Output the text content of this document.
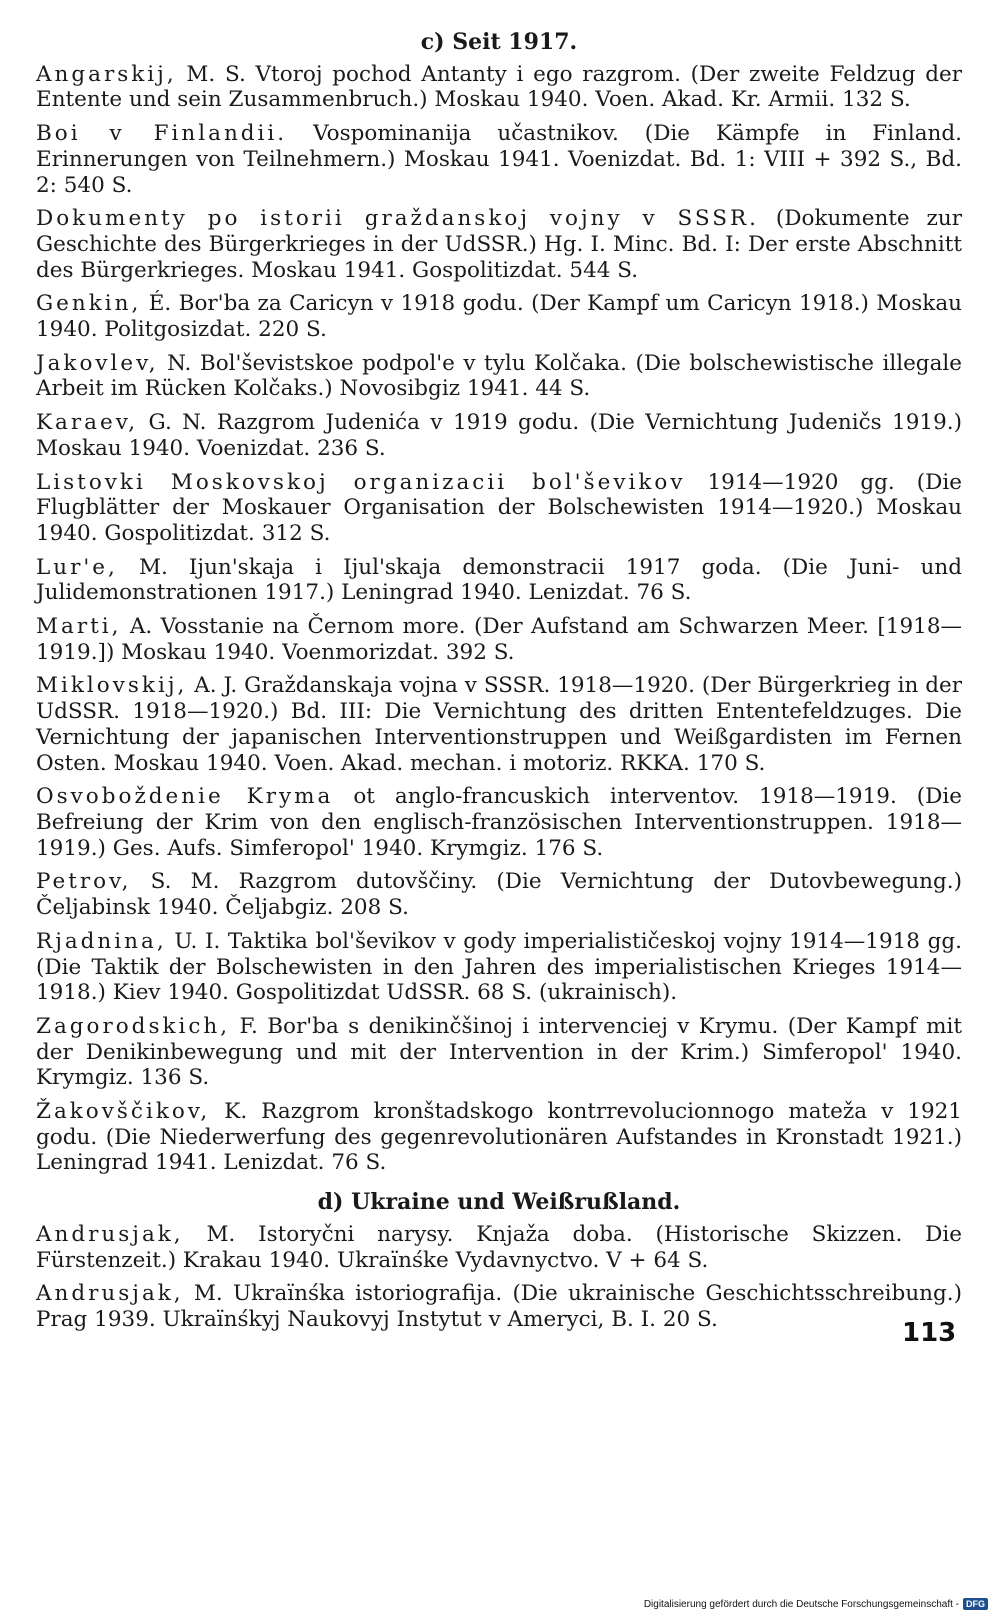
c) Seit 1917.
Angarskij, M. S. Vtoroj pochod Antanty i ego razgrom. (Der zweite Feldzug der Entente und sein Zusammenbruch.) Moskau 1940. Voen. Akad. Kr. Armii. 132 S.
Boi v Finlandii. Vospominanija učastnikov. (Die Kämpfe in Finland. Erinnerungen von Teilnehmern.) Moskau 1941. Voenizdat. Bd. 1: VIII + 392 S., Bd. 2: 540 S.
Dokumenty po istorii graždanskoj vojny v SSSR. (Dokumente zur Geschichte des Bürgerkrieges in der UdSSR.) Hg. I. Minc. Bd. I: Der erste Abschnitt des Bürgerkrieges. Moskau 1941. Gospolitizdat. 544 S.
Genkin, É. Bor'ba za Caricyn v 1918 godu. (Der Kampf um Caricyn 1918.) Moskau 1940. Politgosizdat. 220 S.
Jakovlev, N. Bol'ševistskoe podpol'e v tylu Kolčaka. (Die bolschewistische illegale Arbeit im Rücken Kolčaks.) Novosibgiz 1941. 44 S.
Karaev, G. N. Razgrom Judenića v 1919 godu. (Die Vernichtung Judeničs 1919.) Moskau 1940. Voenizdat. 236 S.
Listovki Moskovskoj organizacii bol'ševikov 1914—1920 gg. (Die Flugblätter der Moskauer Organisation der Bolschewisten 1914—1920.) Moskau 1940. Gospolitizdat. 312 S.
Lur'e, M. Ijun'skaja i Ijul'skaja demonstracii 1917 goda. (Die Juni- und Julidemonstrationen 1917.) Leningrad 1940. Lenizdat. 76 S.
Marti, A. Vosstanie na Černom more. (Der Aufstand am Schwarzen Meer. [1918—1919.]) Moskau 1940. Voenmorizdat. 392 S.
Miklovskij, A. J. Graždanskaja vojna v SSSR. 1918—1920. (Der Bürgerkrieg in der UdSSR. 1918—1920.) Bd. III: Die Vernichtung des dritten Ententefeldzuges. Die Vernichtung der japanischen Interventionstruppen und Weißgardisten im Fernen Osten. Moskau 1940. Voen. Akad. mechan. i motoriz. RKKA. 170 S.
Osvoboždenie Kryma ot anglo-francuskich interventov. 1918—1919. (Die Befreiung der Krim von den englisch-französischen Interventionstruppen. 1918—1919.) Ges. Aufs. Simferopol' 1940. Krymgiz. 176 S.
Petrov, S. M. Razgrom dutovščiny. (Die Vernichtung der Dutovbewegung.) Čeljabinsk 1940. Čeljabgiz. 208 S.
Rjadnina, U. I. Taktika bol'ševikov v gody imperialističeskoj vojny 1914—1918 gg. (Die Taktik der Bolschewisten in den Jahren des imperialistischen Krieges 1914—1918.) Kiev 1940. Gospolitizdat UdSSR. 68 S. (ukrainisch).
Zagorodskich, F. Bor'ba s denikinčšinoj i intervenciej v Krymu. (Der Kampf mit der Denikinbewegung und mit der Intervention in der Krim.) Simferopol' 1940. Krymgiz. 136 S.
Žakovščikov, K. Razgrom kronštadskogo kontrrevolucionnogo mateža v 1921 godu. (Die Niederwerfung des gegenrevolutionären Aufstandes in Kronstadt 1921.) Leningrad 1941. Lenizdat. 76 S.
d) Ukraine und Weißrußland.
Andrusjak, M. Istoryčni narysy. Knjaža doba. (Historische Skizzen. Die Fürstenzeit.) Krakau 1940. Ukraïnśke Vydavnyctvo. V + 64 S.
Andrusjak, M. Ukraïnśka istoriografija. (Die ukrainische Geschichtsschreibung.) Prag 1939. Ukraïnśkyj Naukovyj Instytut v Ameryci, B. I. 20 S.	113
Digitalisierung gefördert durch die Deutsche Forschungsgemeinschaft - DFG
